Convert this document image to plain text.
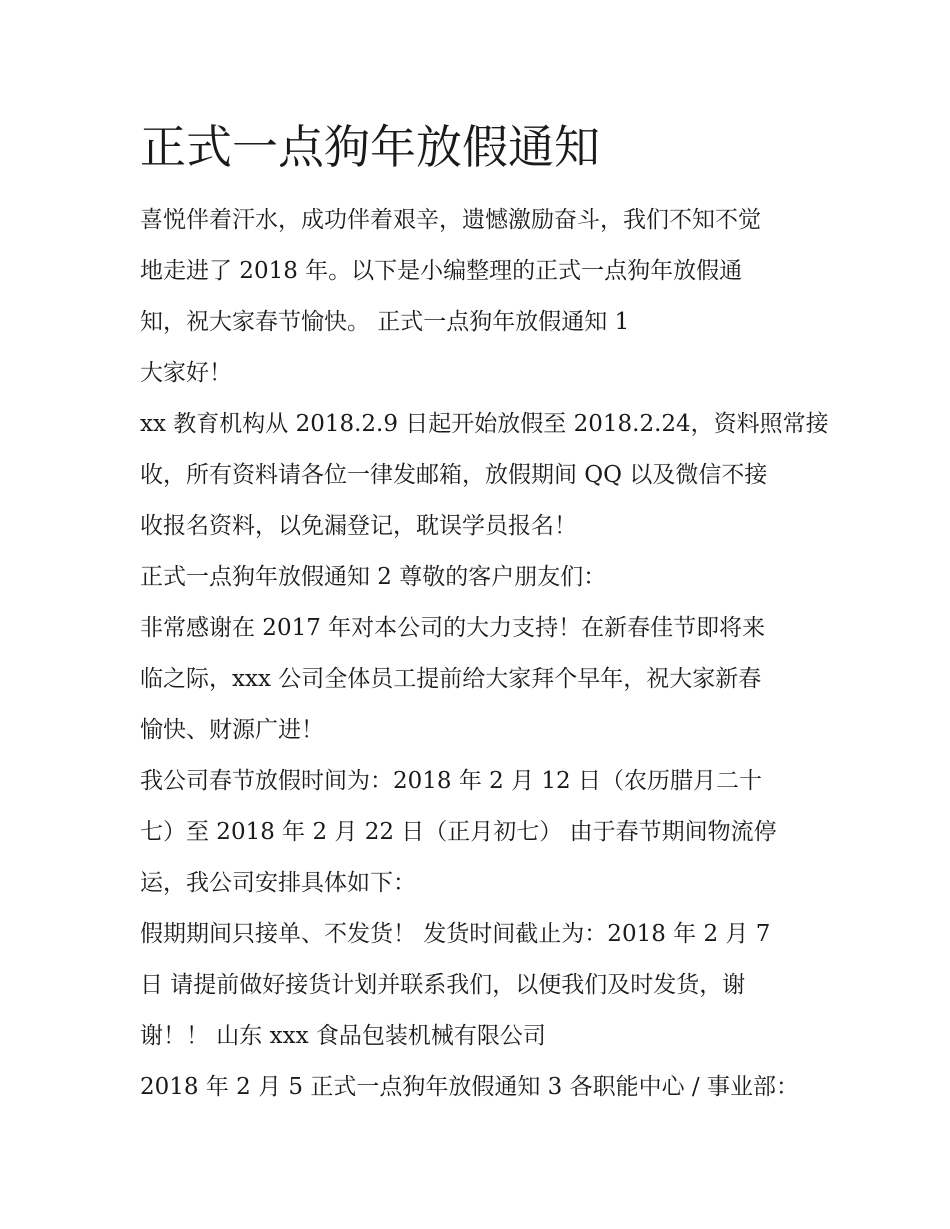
正式一点狗年放假通知

喜悦伴着汗水，成功伴着艰辛，遗憾激励奋斗，我们不知不觉

地走进了 2018 年。以下是小编整理的正式一点狗年放假通

知，祝大家春节愉快。 正式一点狗年放假通知 1

大家好！

xx 教育机构从 2018.2.9 日起开始放假至 2018.2.24，资料照常接

收，所有资料请各位一律发邮箱，放假期间 QQ 以及微信不接

收报名资料，以免漏登记，耽误学员报名！

正式一点狗年放假通知 2 尊敬的客户朋友们：

非常感谢在 2017 年对本公司的大力支持！在新春佳节即将来

临之际，xxx 公司全体员工提前给大家拜个早年，祝大家新春

愉快、财源广进！

我公司春节放假时间为：2018 年 2 月 12 日（农历腊月二十

七）至 2018 年 2 月 22 日（正月初七） 由于春节期间物流停

运，我公司安排具体如下：

假期期间只接单、不发货！ 发货时间截止为：2018 年 2 月 7

日 请提前做好接货计划并联系我们，以便我们及时发货，谢

谢！！ 山东 xxx 食品包装机械有限公司

2018 年 2 月 5 正式一点狗年放假通知 3 各职能中心 / 事业部：
